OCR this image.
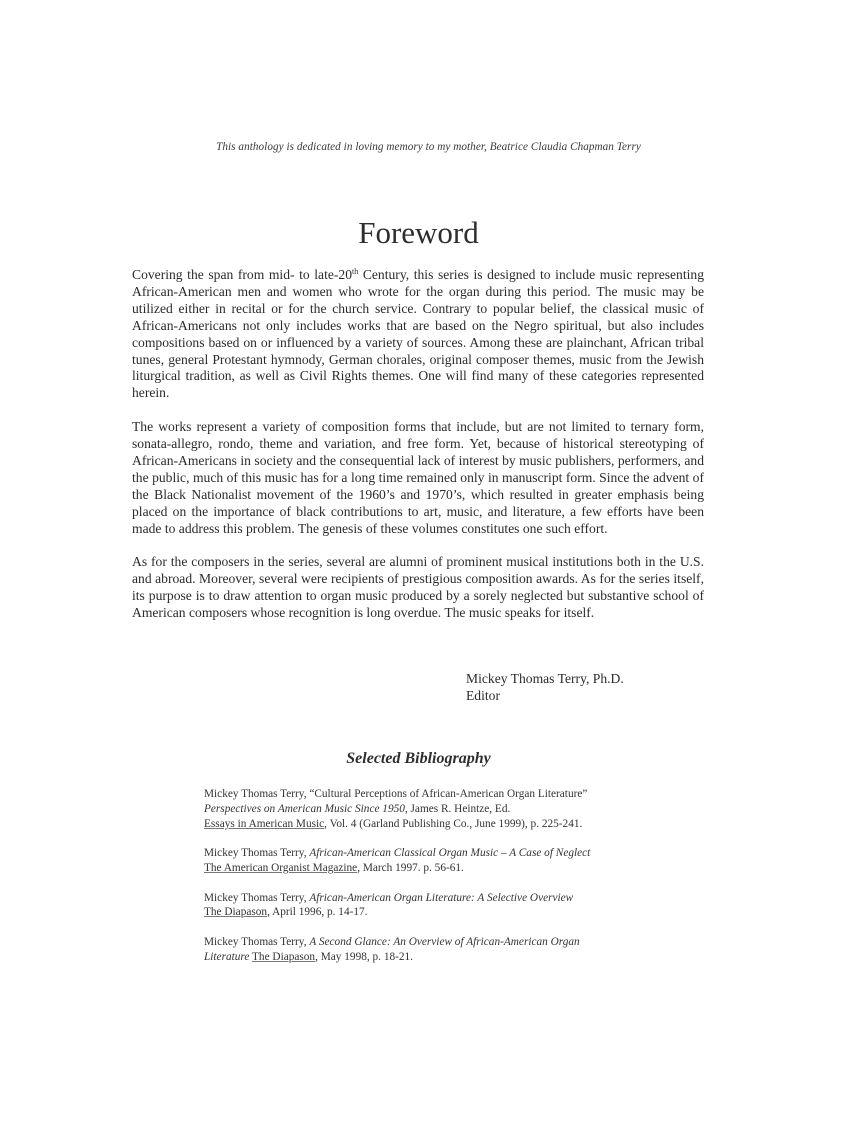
This anthology is dedicated in loving memory to my mother, Beatrice Claudia Chapman Terry
Foreword

Covering the span from mid- to late-20th Century, this series is designed to include music representing African-American men and women who wrote for the organ during this period. The music may be utilized either in recital or for the church service. Contrary to popular belief, the classical music of African-Americans not only includes works that are based on the Negro spiritual, but also includes compositions based on or influenced by a variety of sources. Among these are plainchant, African tribal tunes, general Protestant hymnody, German chorales, original composer themes, music from the Jewish liturgical tradition, as well as Civil Rights themes. One will find many of these categories represented herein.

The works represent a variety of composition forms that include, but are not limited to ternary form, sonata-allegro, rondo, theme and variation, and free form. Yet, because of historical stereotyping of African-Americans in society and the consequential lack of interest by music publishers, performers, and the public, much of this music has for a long time remained only in manuscript form. Since the advent of the Black Nationalist movement of the 1960’s and 1970’s, which resulted in greater emphasis being placed on the importance of black contributions to art, music, and literature, a few efforts have been made to address this problem. The genesis of these volumes constitutes one such effort.

As for the composers in the series, several are alumni of prominent musical institutions both in the U.S. and abroad. Moreover, several were recipients of prestigious composition awards. As for the series itself, its purpose is to draw attention to organ music produced by a sorely neglected but substantive school of American composers whose recognition is long overdue. The music speaks for itself.

Mickey Thomas Terry, Ph.D.
Editor
Selected Bibliography
Mickey Thomas Terry, “Cultural Perceptions of African-American Organ Literature”
Perspectives on American Music Since 1950, James R. Heintze, Ed.
Essays in American Music, Vol. 4 (Garland Publishing Co., June 1999), p. 225-241.
Mickey Thomas Terry, African-American Classical Organ Music – A Case of Neglect
The American Organist Magazine, March 1997. p. 56-61.
Mickey Thomas Terry, African-American Organ Literature: A Selective Overview
The Diapason, April 1996, p. 14-17.
Mickey Thomas Terry, A Second Glance: An Overview of African-American Organ
Literature The Diapason, May 1998, p. 18-21.
